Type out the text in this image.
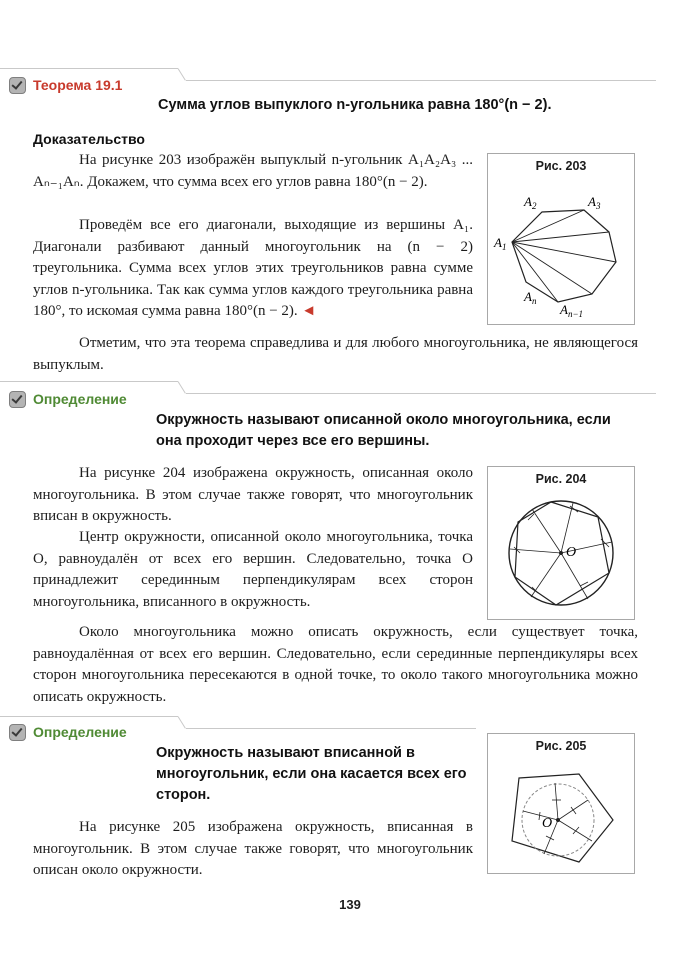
Теорема 19.1
Сумма углов выпуклого n-угольника равна 180°(n − 2).
Доказательство

На рисунке 203 изображён выпуклый n-угольник A₁A₂A₃ ... Aₙ₋₁Aₙ. Докажем, что сумма всех его углов равна 180°(n − 2).

Проведём все его диагонали, выходящие из вершины A₁. Диагонали разбивают данный многоугольник на (n − 2) треугольника. Сумма всех углов этих треугольников равна сумме углов n-угольника. Так как сумма углов каждого треугольника равна 180°, то искомая сумма равна 180°(n − 2). ◄

Отметим, что эта теорема справедлива и для любого многоугольника, не являющегося выпуклым.

Рис. 203
$A_1$
$A_2$	$A_3$
$A_n$
$A_{n-1}$
Определение
Окружность называют описанной около многоугольника, если она проходит через все его вершины.

На рисунке 204 изображена окружность, описанная около многоугольника. В этом случае также говорят, что многоугольник вписан в окружность.

Центр окружности, описанной около многоугольника, точка O, равноудалён от всех его вершин. Следовательно, точка O принадлежит серединным перпендикулярам всех сторон многоугольника, вписанного в окружность.

Около многоугольника можно описать окружность, если существует точка, равноудалённая от всех его вершин. Следовательно, если серединные перпендикуляры всех сторон многоугольника пересекаются в одной точке, то около такого многоугольника можно описать окружность.

Рис. 204
O
Определение
Окружность называют вписанной в многоугольник, если она касается всех его сторон.

На рисунке 205 изображена окружность, вписанная в многоугольник. В этом случае также говорят, что многоугольник описан около окружности.

Рис. 205
O
139
